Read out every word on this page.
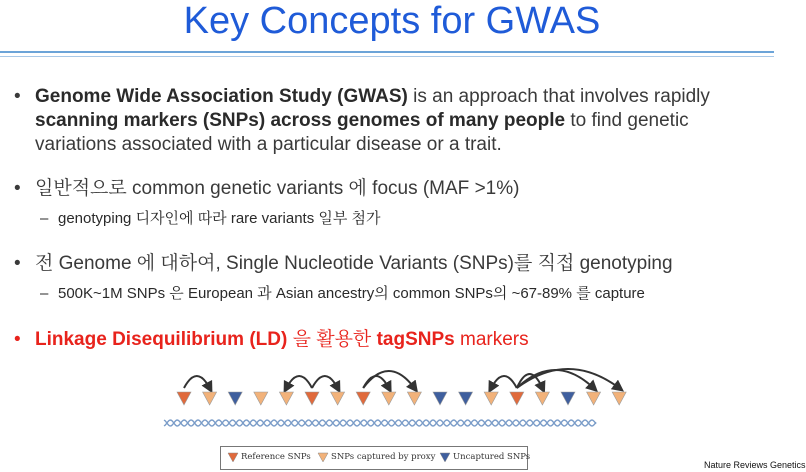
Key Concepts for GWAS
• Genome Wide Association Study (GWAS) is an approach that involves rapidly
scanning markers (SNPs) across genomes of many people to find genetic
variations associated with a particular disease or a trait.
• 일반적으로 common genetic variants 에 focus (MAF >1%)
– genotyping 디자인에 따라 rare variants 일부 첨가
• 전 Genome 에 대하여, Single Nucleotide Variants (SNPs)를 직접 genotyping
– 500K~1M SNPs 은 European 과 Asian ancestry의 common SNPs의 ~67-89% 를 capture
• Linkage Disequilibrium (LD) 을 활용한 tagSNPs markers
Reference SNPs SNPs captured by proxy Uncaptured SNPs
Nature Reviews Genetics
